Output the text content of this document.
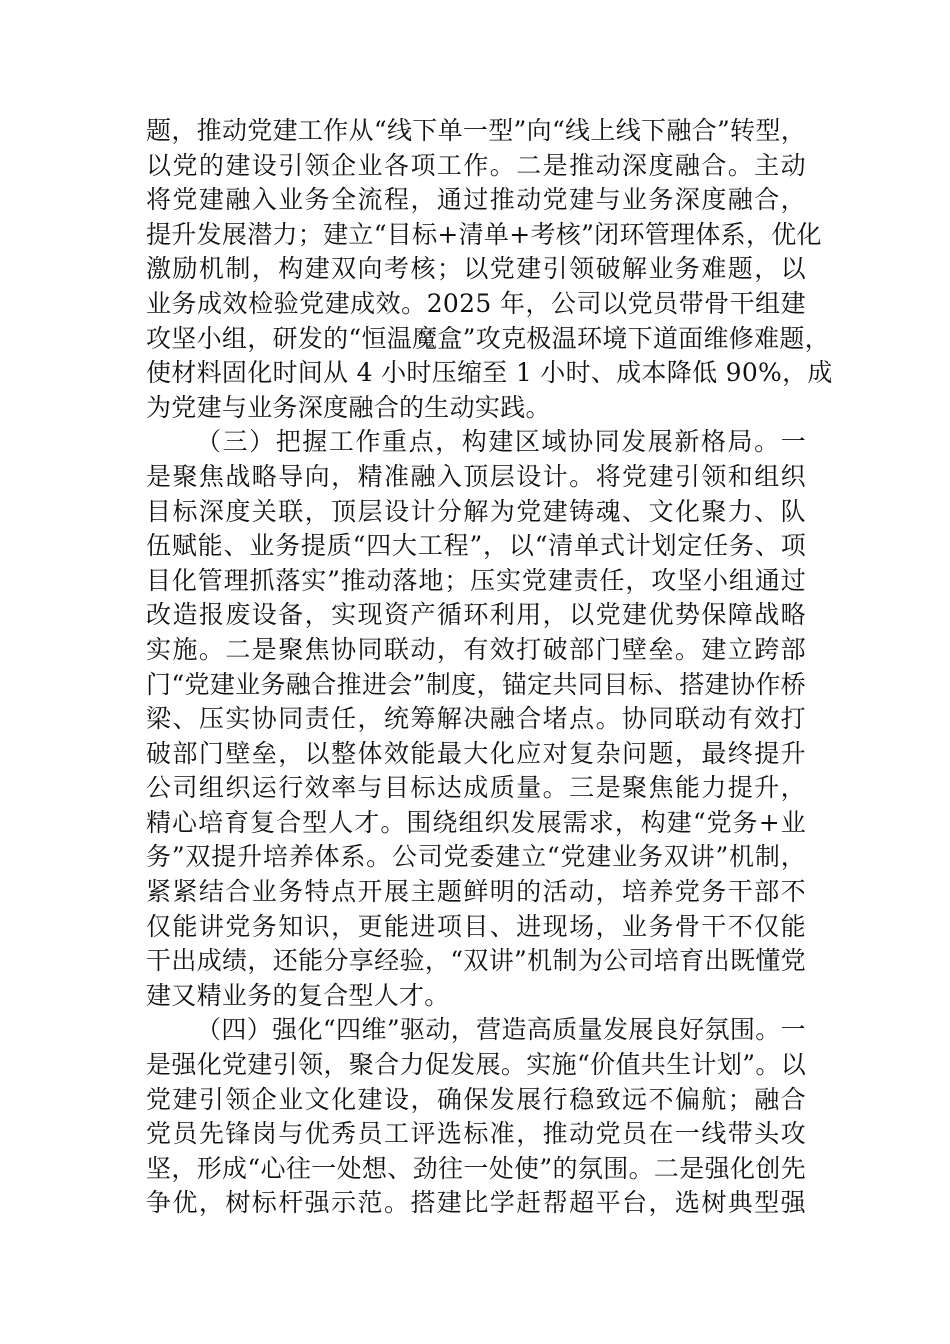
题，推动党建工作从“线下单一型”向“线上线下融合”转型，
以党的建设引领企业各项工作。二是推动深度融合。主动
将党建融入业务全流程，通过推动党建与业务深度融合，
提升发展潜力；建立“目标+清单+考核”闭环管理体系，优化
激励机制，构建双向考核；以党建引领破解业务难题，以
业务成效检验党建成效。2025 年，公司以党员带骨干组建
攻坚小组，研发的“恒温魔盒”攻克极温环境下道面维修难题，
使材料固化时间从 4 小时压缩至 1 小时、成本降低 90%，成
为党建与业务深度融合的生动实践。
（三）把握工作重点，构建区域协同发展新格局。一
是聚焦战略导向，精准融入顶层设计。将党建引领和组织
目标深度关联，顶层设计分解为党建铸魂、文化聚力、队
伍赋能、业务提质“四大工程”，以“清单式计划定任务、项
目化管理抓落实”推动落地；压实党建责任，攻坚小组通过
改造报废设备，实现资产循环利用，以党建优势保障战略
实施。二是聚焦协同联动，有效打破部门壁垒。建立跨部
门“党建业务融合推进会”制度，锚定共同目标、搭建协作桥
梁、压实协同责任，统筹解决融合堵点。协同联动有效打
破部门壁垒，以整体效能最大化应对复杂问题，最终提升
公司组织运行效率与目标达成质量。三是聚焦能力提升，
精心培育复合型人才。围绕组织发展需求，构建“党务+业
务”双提升培养体系。公司党委建立“党建业务双讲”机制，
紧紧结合业务特点开展主题鲜明的活动，培养党务干部不
仅能讲党务知识，更能进项目、进现场，业务骨干不仅能
干出成绩，还能分享经验，“双讲”机制为公司培育出既懂党
建又精业务的复合型人才。
（四）强化“四维”驱动，营造高质量发展良好氛围。一
是强化党建引领，聚合力促发展。实施“价值共生计划”。以
党建引领企业文化建设，确保发展行稳致远不偏航；融合
党员先锋岗与优秀员工评选标准，推动党员在一线带头攻
坚，形成“心往一处想、劲往一处使”的氛围。二是强化创先
争优，树标杆强示范。搭建比学赶帮超平台，选树典型强
